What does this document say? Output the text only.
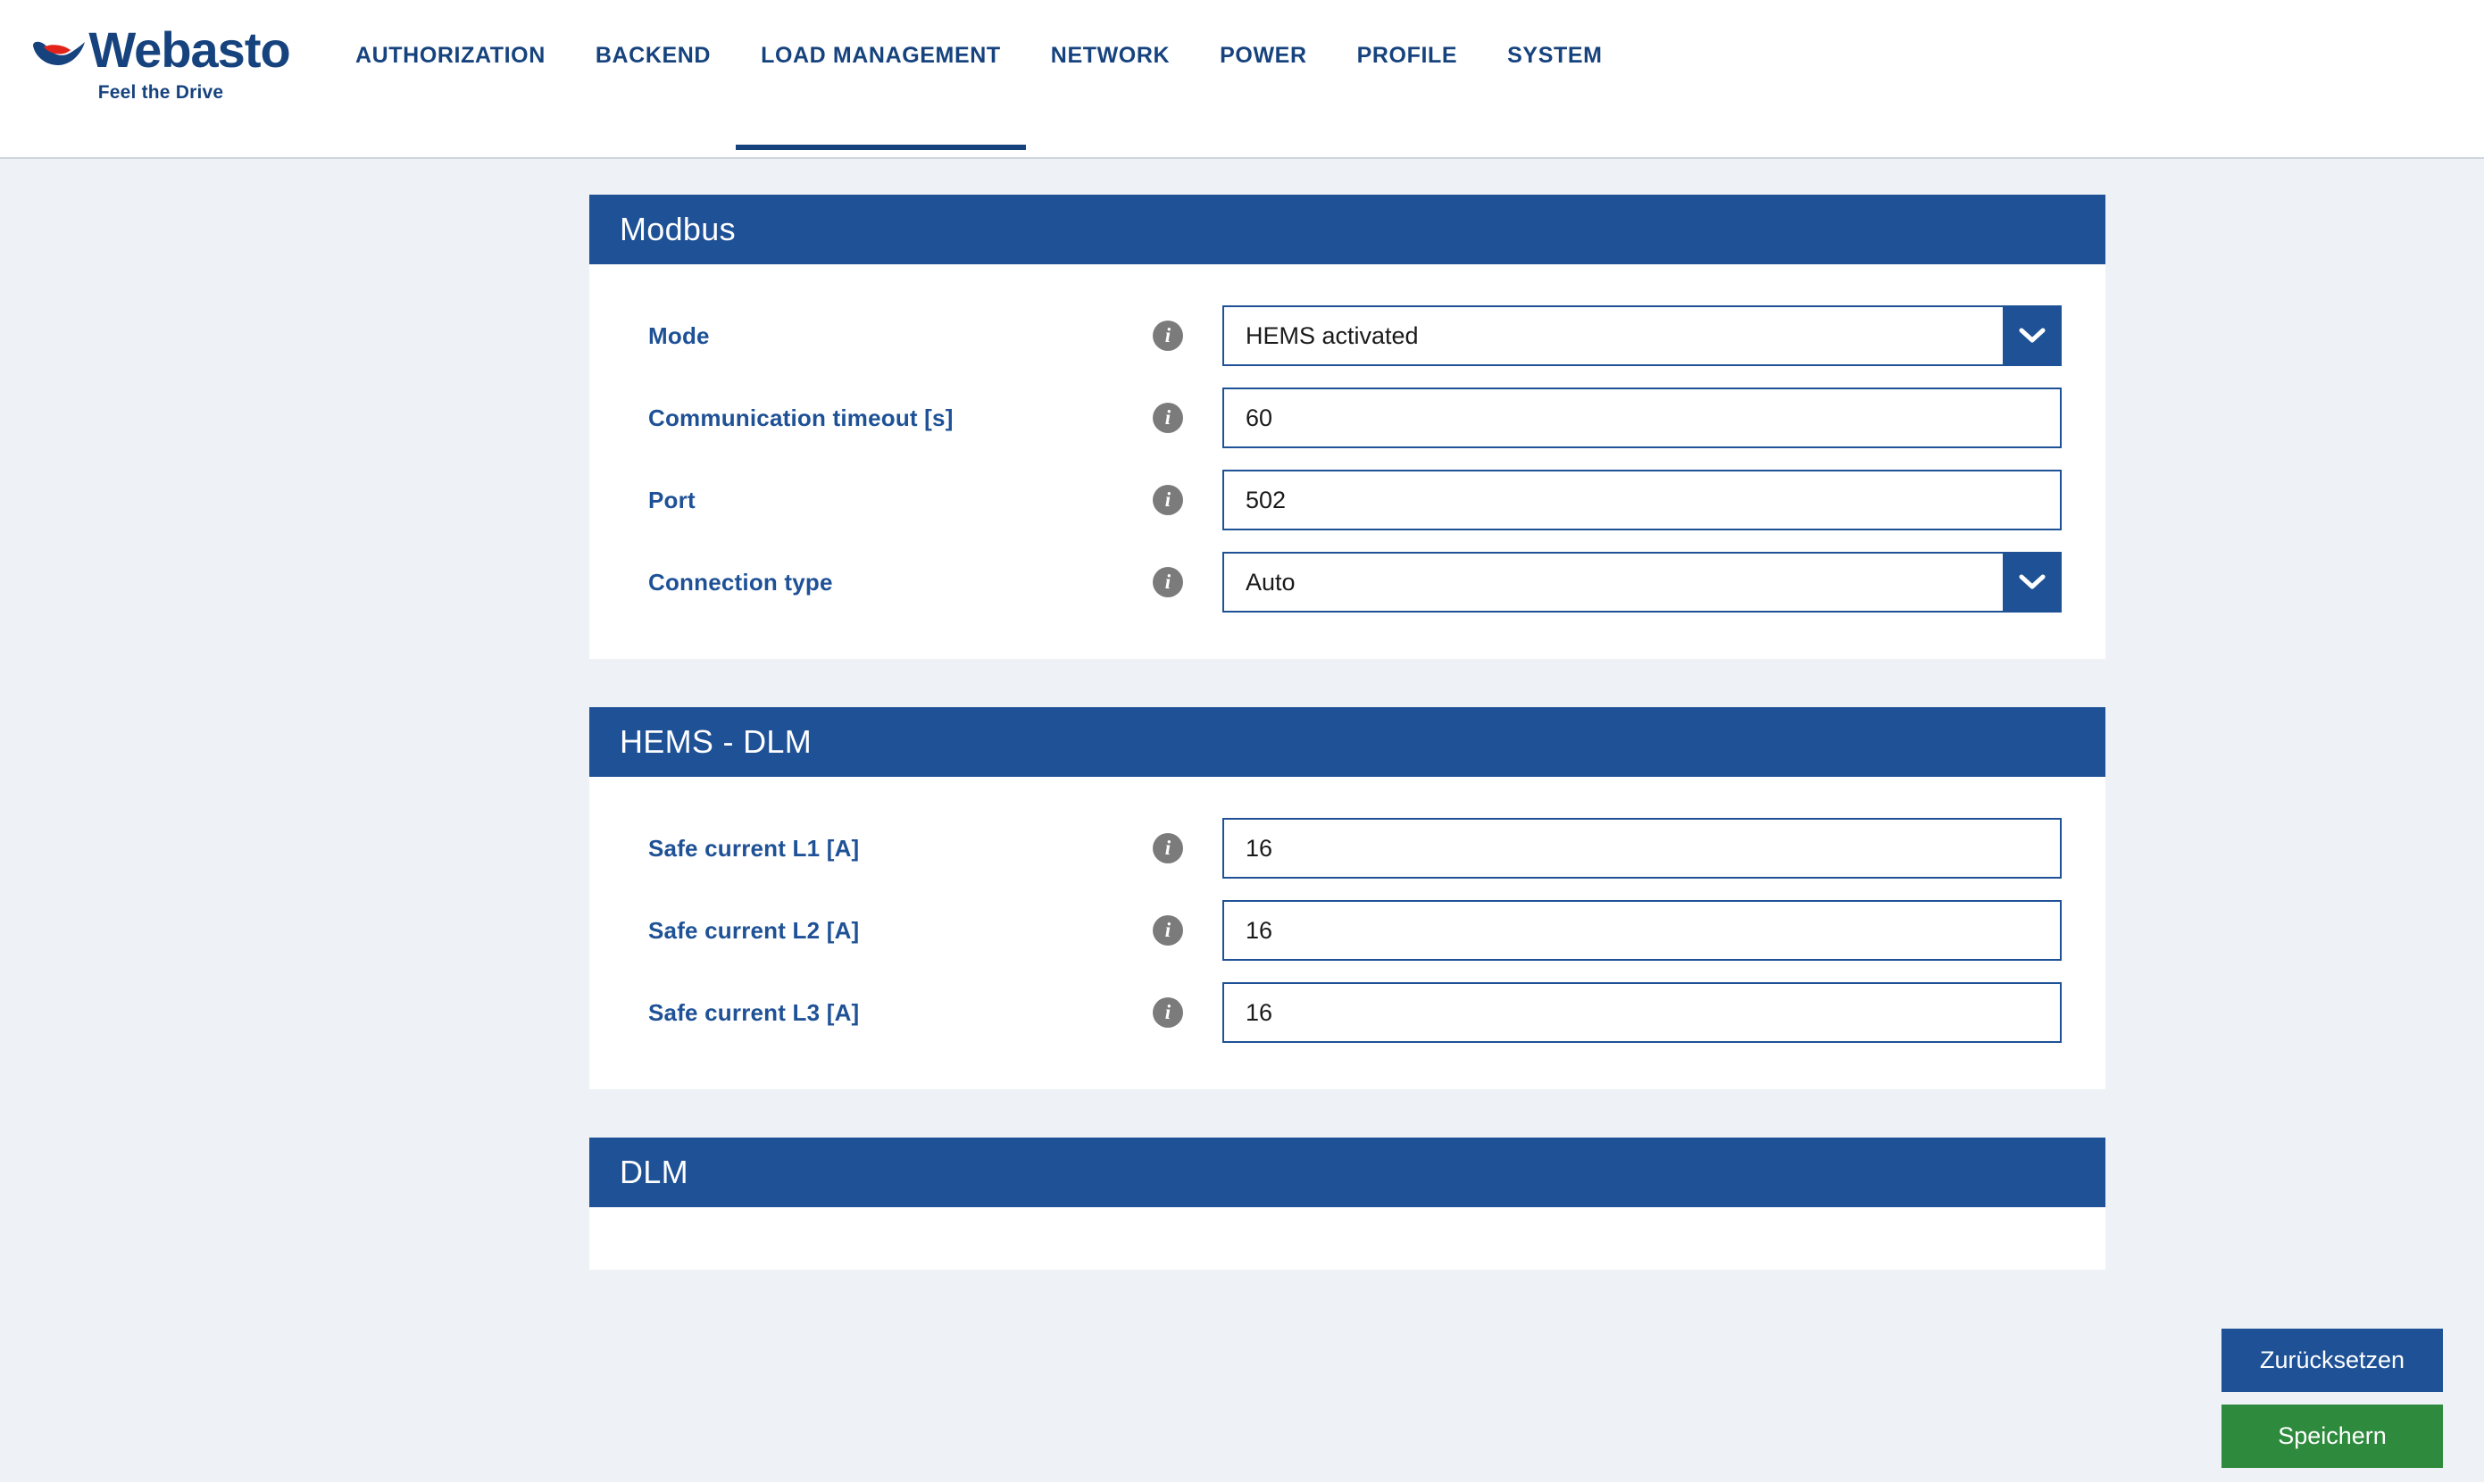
Webasto
Feel the Drive
AUTHORIZATION	BACKEND	LOAD MANAGEMENT	NETWORK	POWER	PROFILE	SYSTEM
Modbus
Mode	i	HEMS activated
Communication timeout [s]	i	60
Port	i	502
Connection type	i	Auto
HEMS - DLM
Safe current L1 [A]	i	16
Safe current L2 [A]	i	16
Safe current L3 [A]	i	16
DLM
Zurücksetzen
Speichern
